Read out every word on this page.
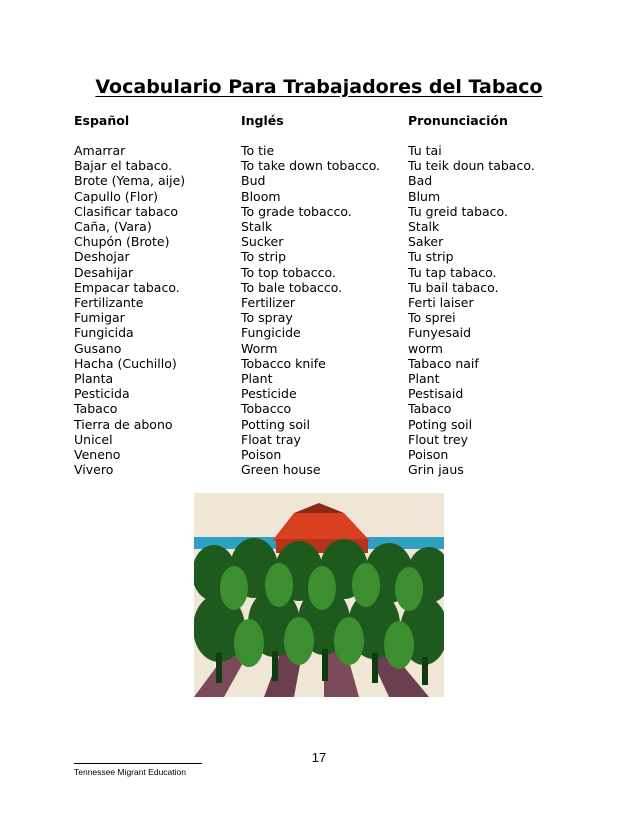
Vocabulario Para Trabajadores del Tabaco
Español
Amarrar
Bajar el tabaco.
Brote (Yema, aije)
Capullo (Flor)
Clasificar tabaco
Caña, (Vara)
Chupón (Brote)
Deshojar
Desahijar
Empacar tabaco.
Fertilizante
Fumigar
Fungicida
Gusano
Hacha (Cuchillo)
Planta
Pesticida
Tabaco
Tierra de abono
Unicel
Veneno
Vivero
Inglés
To tie
To take down tobacco.
Bud
Bloom
To grade tobacco.
Stalk
Sucker
To strip
To top tobacco.
To bale tobacco.
Fertilizer
To spray
Fungicide
Worm
Tobacco knife
Plant
Pesticide
Tobacco
Potting soil
Float tray
Poison
Green house
Pronunciación
Tu tai
Tu teik doun tabaco.
Bad
Blum
Tu greid tabaco.
Stalk
Saker
Tu strip
Tu tap tabaco.
Tu bail tabaco.
Ferti laiser
To sprei
Funyesaid
worm
Tabaco naif
Plant
Pestisaid
Tabaco
Poting soil
Flout trey
Poison
Grin jaus
Tennessee Migrant Education
17
